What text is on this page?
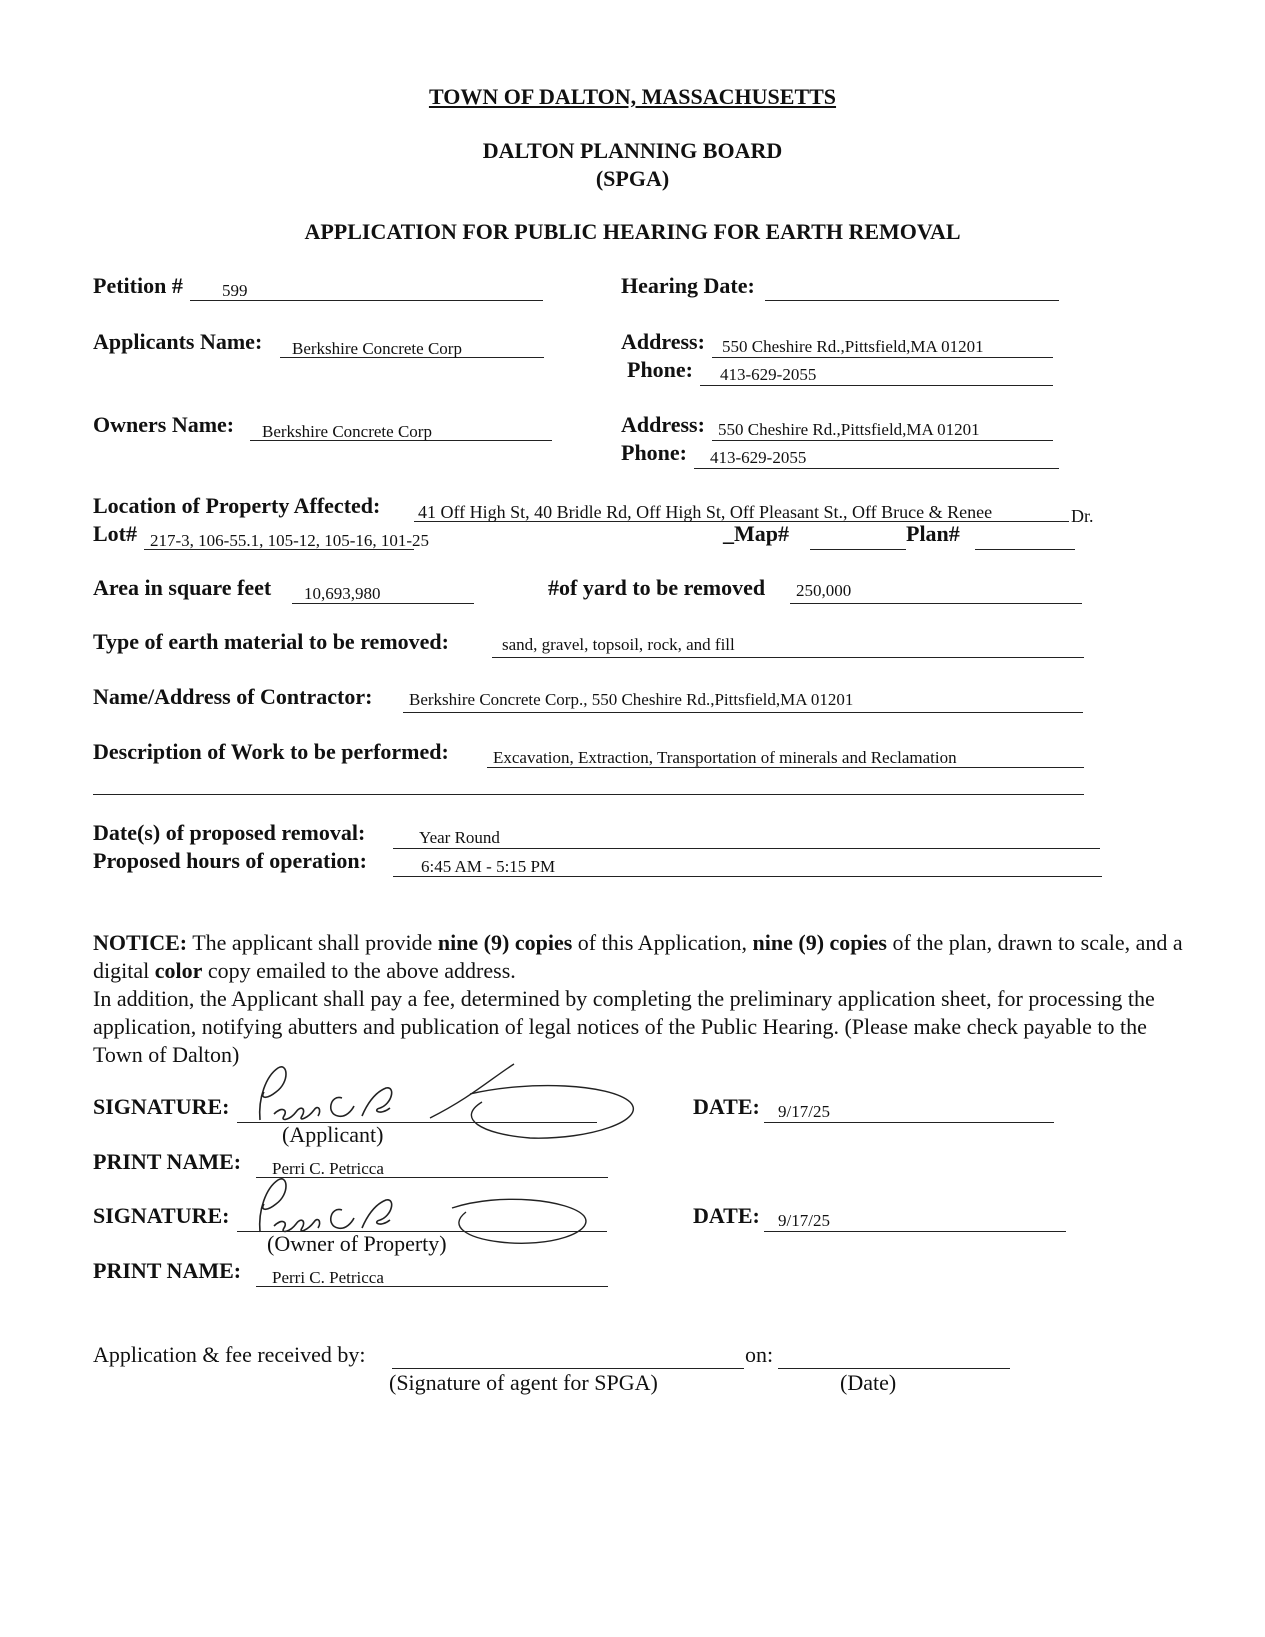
TOWN OF DALTON, MASSACHUSETTS
DALTON PLANNING BOARD
(SPGA)
APPLICATION FOR PUBLIC HEARING FOR EARTH REMOVAL
Petition # 599	Hearing Date:
Applicants Name: Berkshire Concrete Corp	Address: 550 Cheshire Rd.,Pittsfield,MA 01201
Phone: 413-629-2055
Owners Name: Berkshire Concrete Corp	Address: 550 Cheshire Rd.,Pittsfield,MA 01201
Phone: 413-629-2055
Location of Property Affected: 41 Off High St, 40 Bridle Rd, Off High St, Off Pleasant St., Off Bruce & Renee	Dr.
Lot# 217-3, 106-55.1, 105-12, 105-16, 101-25	_Map#	Plan#
Area in square feet 10,693,980	#of yard to be removed 250,000
Type of earth material to be removed:	sand, gravel, topsoil, rock, and fill
Name/Address of Contractor: Berkshire Concrete Corp., 550 Cheshire Rd.,Pittsfield,MA 01201
Description of Work to be performed:	Excavation, Extraction, Transportation of minerals and Reclamation
Date(s) of proposed removal:	Year Round
Proposed hours of operation:	6:45 AM - 5:15 PM
NOTICE: The applicant shall provide nine (9) copies of this Application, nine (9) copies of the plan, drawn to scale, and a digital color copy emailed to the above address.
In addition, the Applicant shall pay a fee, determined by completing the preliminary application sheet, for processing the application, notifying abutters and publication of legal notices of the Public Hearing. (Please make check payable to the Town of Dalton)
SIGNATURE:
(Applicant)
DATE: 9/17/25
PRINT NAME: Perri C. Petricca
SIGNATURE:
(Owner of Property)
DATE: 9/17/25
PRINT NAME: Perri C. Petricca
Application & fee received by:	on:
(Signature of agent for SPGA)	(Date)
